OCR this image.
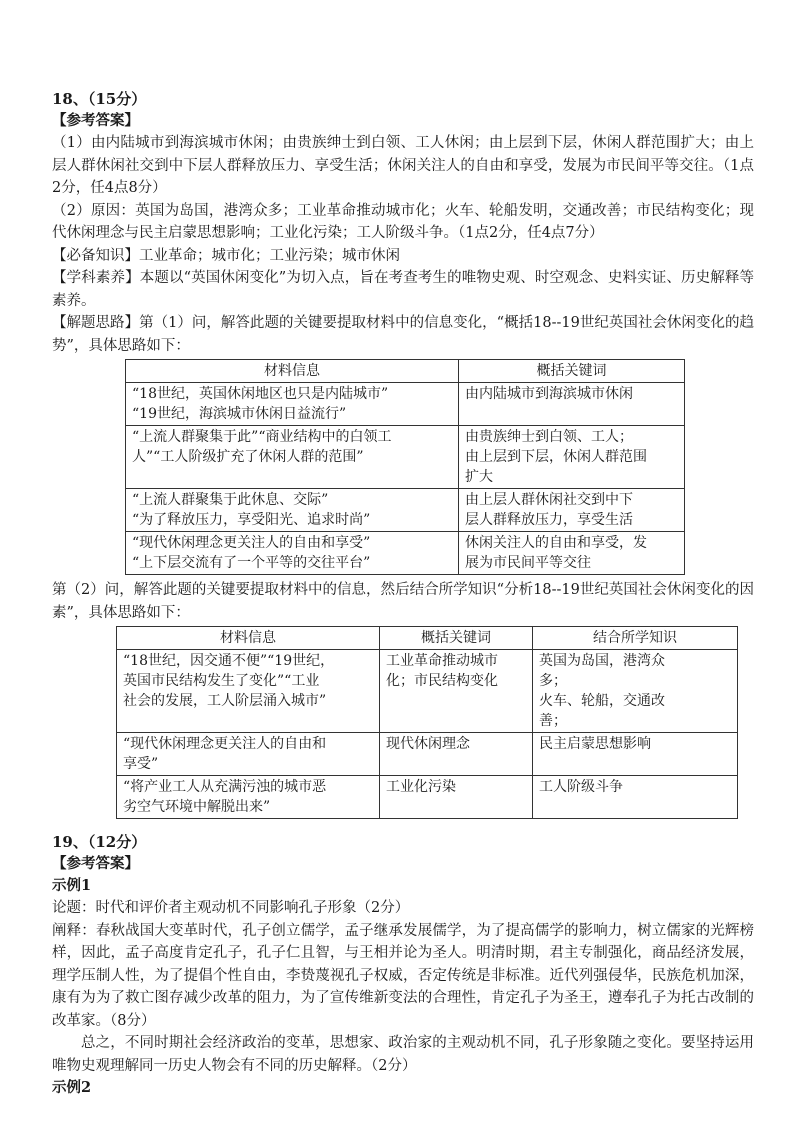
18、（15分）
【参考答案】

（1）由内陆城市到海滨城市休闲；由贵族绅士到白领、工人休闲；由上层到下层，休闲人群范围扩大；由上层人群休闲社交到中下层人群释放压力、享受生活；休闲关注人的自由和享受，发展为市民间平等交往。（1点2分，任4点8分）

（2）原因：英国为岛国，港湾众多；工业革命推动城市化；火车、轮船发明，交通改善；市民结构变化；现代休闲理念与民主启蒙思想影响；工业化污染；工人阶级斗争。（1点2分，任4点7分）

【必备知识】工业革命；城市化；工业污染；城市休闲

【学科素养】本题以“英国休闲变化”为切入点，旨在考查考生的唯物史观、时空观念、史料实证、历史解释等素养。

【解题思路】第（1）问，解答此题的关键要提取材料中的信息变化，“概括18--19世纪英国社会休闲变化的趋势”，具体思路如下：

材料信息	概括关键词

“18世纪，英国休闲地区也只是内陆城市”
“19世纪，海滨城市休闲日益流行”	由内陆城市到海滨城市休闲

“上流人群聚集于此”“商业结构中的白领工
人”“工人阶级扩充了休闲人群的范围”	由贵族绅士到白领、工人；
由上层到下层，休闲人群范围
扩大

“上流人群聚集于此休息、交际”
“为了释放压力，享受阳光、追求时尚”	由上层人群休闲社交到中下
层人群释放压力，享受生活

“现代休闲理念更关注人的自由和享受”
“上下层交流有了一个平等的交往平台”	休闲关注人的自由和享受，发
展为市民间平等交往

第（2）问，解答此题的关键要提取材料中的信息，然后结合所学知识“分析18--19世纪英国社会休闲变化的因素”，具体思路如下：

材料信息	概括关键词	结合所学知识

“18世纪，因交通不便”“19世纪，
英国市民结构发生了变化”“工业
社会的发展，工人阶层涌入城市”	工业革命推动城市
化；市民结构变化	英国为岛国，港湾众
多；
火车、轮船，交通改
善；

“现代休闲理念更关注人的自由和
享受”	现代休闲理念	民主启蒙思想影响

“将产业工人从充满污浊的城市恶
劣空气环境中解脱出来”	工业化污染	工人阶级斗争
19、（12分）
【参考答案】
示例1

论题：时代和评价者主观动机不同影响孔子形象（2分）

阐释：春秋战国大变革时代，孔子创立儒学，孟子继承发展儒学，为了提高儒学的影响力，树立儒家的光辉榜样，因此，孟子高度肯定孔子，孔子仁且智，与王相并论为圣人。明清时期，君主专制强化，商品经济发展，理学压制人性，为了提倡个性自由，李贽蔑视孔子权威，否定传统是非标准。近代列强侵华，民族危机加深，康有为为了救亡图存减少改革的阻力，为了宣传维新变法的合理性，肯定孔子为圣王，遵奉孔子为托古改制的改革家。（8分）

总之，不同时期社会经济政治的变革，思想家、政治家的主观动机不同，孔子形象随之变化。要坚持运用唯物史观理解同一历史人物会有不同的历史解释。（2分）

示例2
